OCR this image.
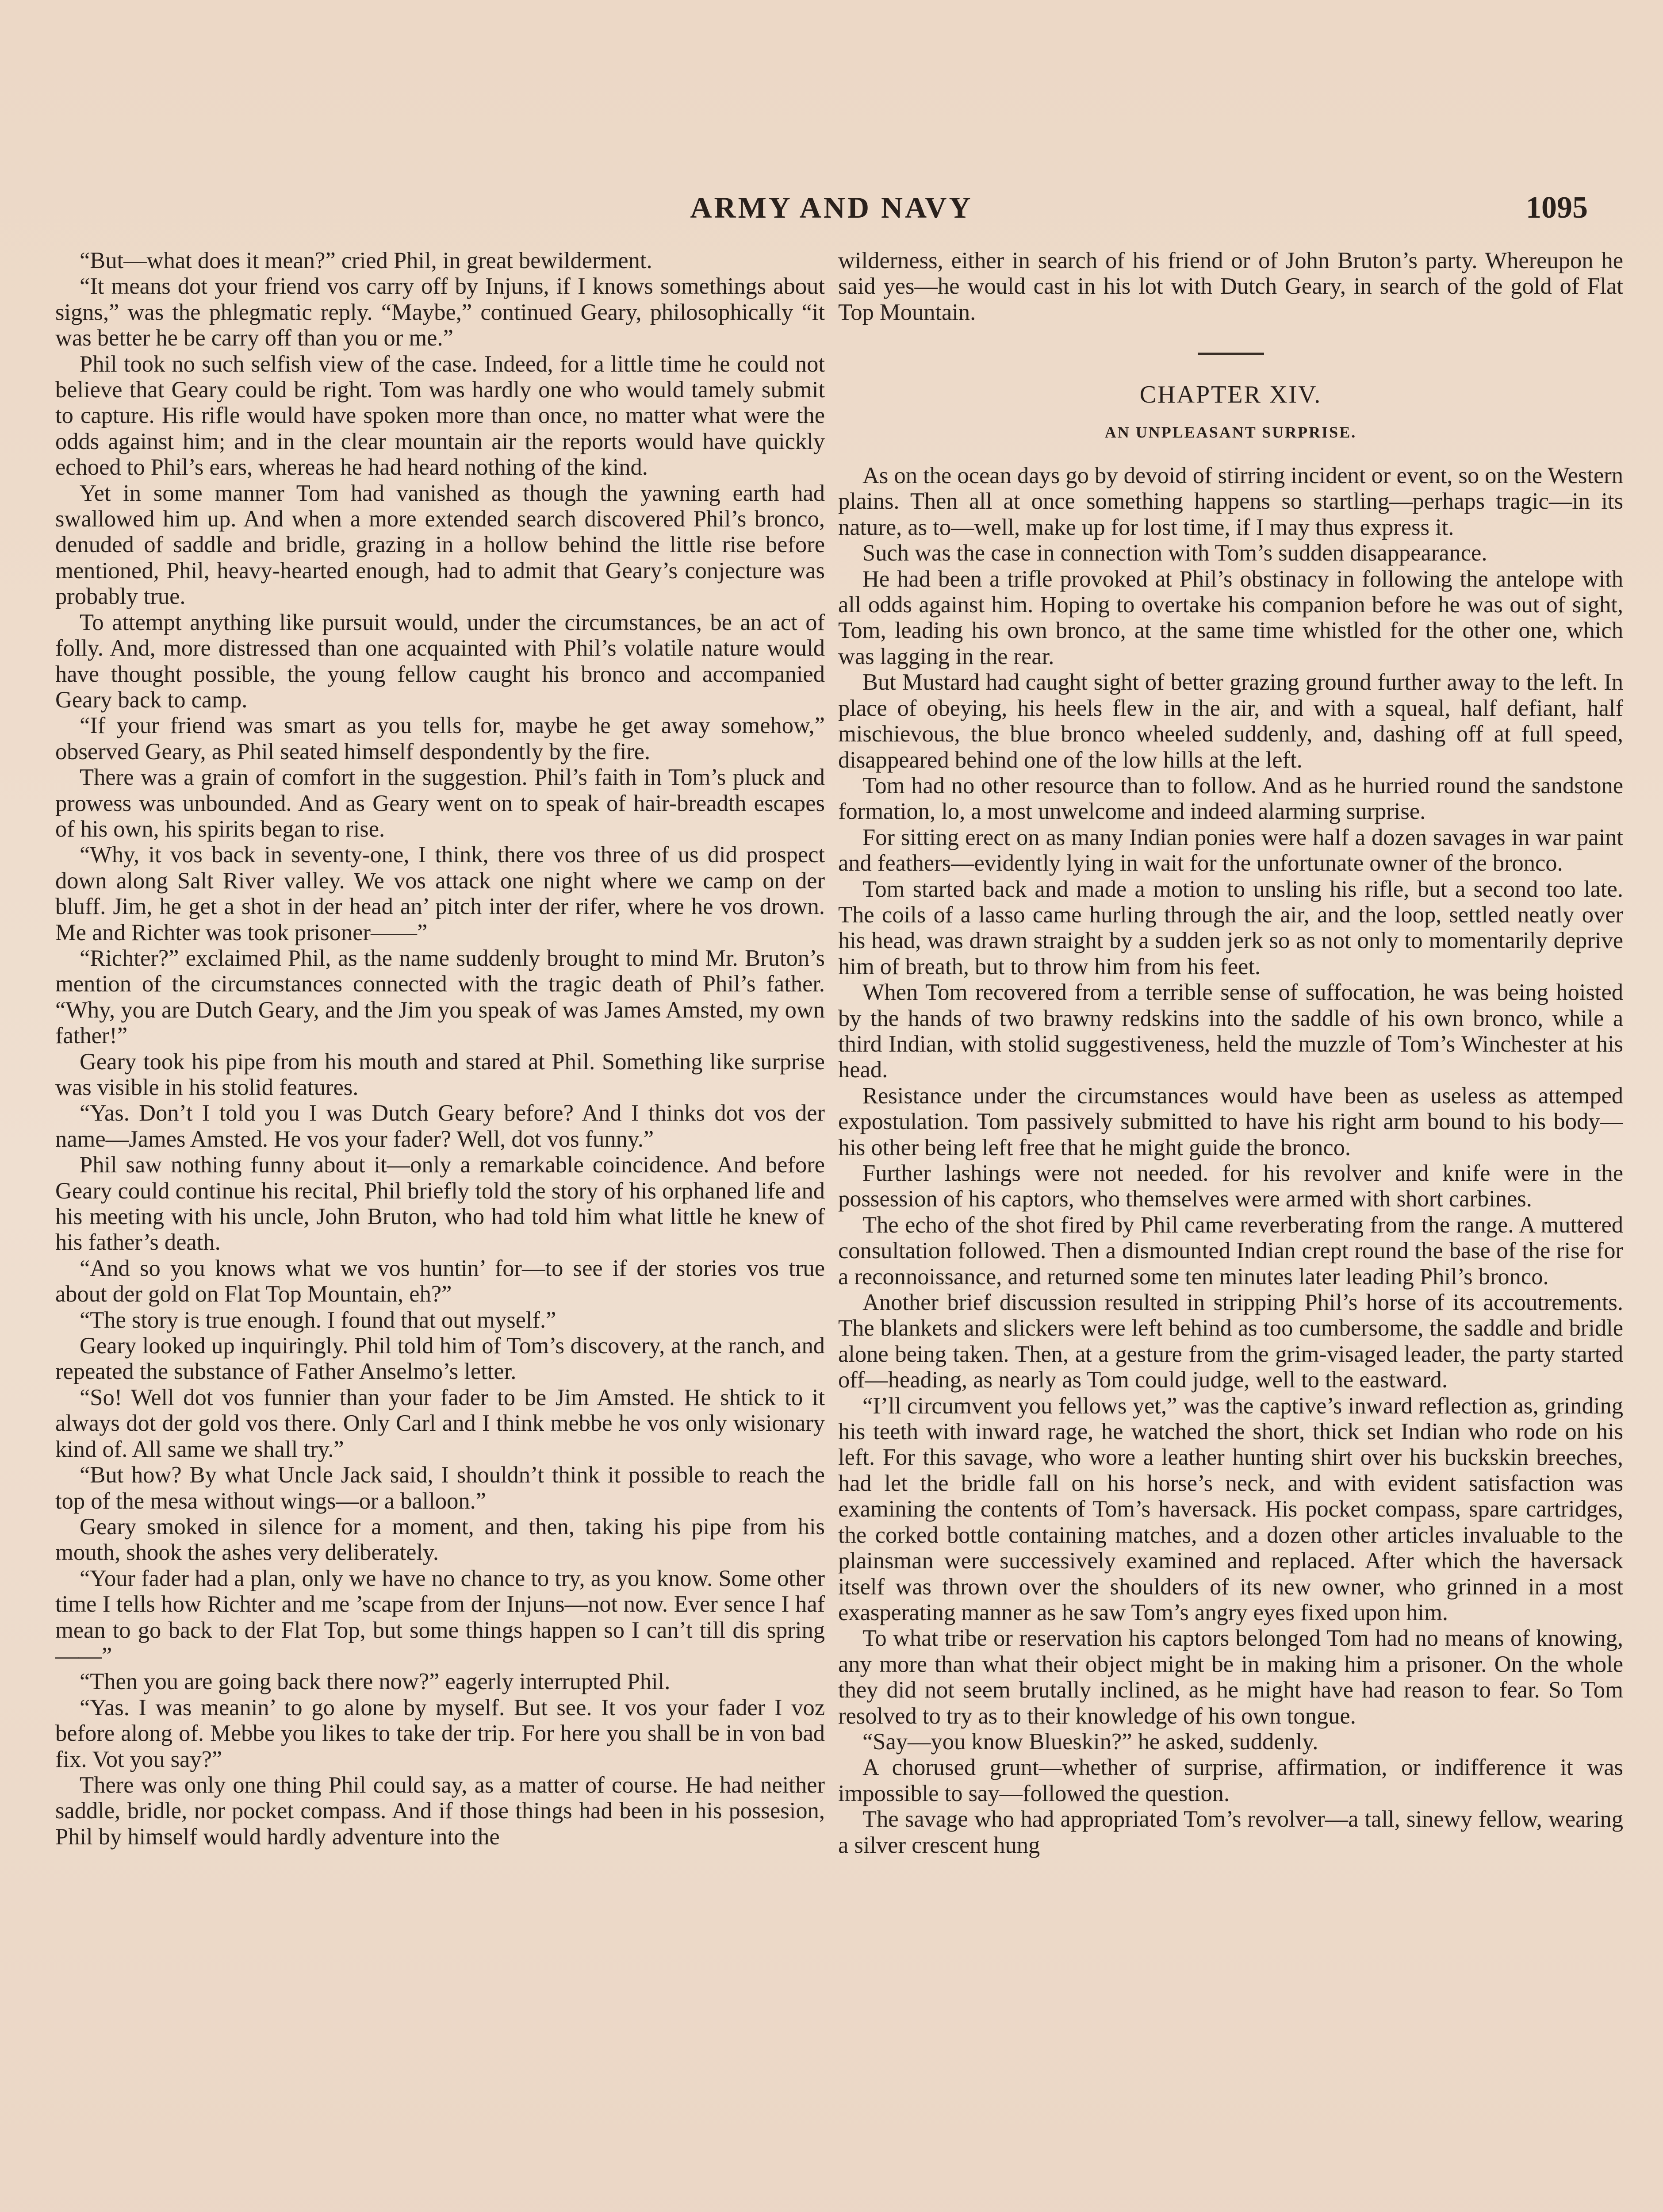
ARMY AND NAVY	1095

“But—what does it mean?” cried Phil, in great bewilderment.

“It means dot your friend vos carry off by Injuns, if I knows somethings about signs,” was the phlegmatic reply. “Maybe,” continued Geary, philosophically “it was better he be carry off than you or me.”

Phil took no such selfish view of the case. Indeed, for a little time he could not believe that Geary could be right. Tom was hardly one who would tamely submit to capture. His rifle would have spoken more than once, no matter what were the odds against him; and in the clear mountain air the reports would have quickly echoed to Phil’s ears, whereas he had heard nothing of the kind.

Yet in some manner Tom had vanished as though the yawning earth had swallowed him up. And when a more extended search discovered Phil’s bronco, denuded of saddle and bridle, grazing in a hollow behind the little rise before mentioned, Phil, heavy-hearted enough, had to admit that Geary’s conjecture was probably true.

To attempt anything like pursuit would, under the circumstances, be an act of folly. And, more distressed than one acquainted with Phil’s volatile nature would have thought possible, the young fellow caught his bronco and accompanied Geary back to camp.

“If your friend was smart as you tells for, maybe he get away somehow,” observed Geary, as Phil seated himself despondently by the fire.

There was a grain of comfort in the suggestion. Phil’s faith in Tom’s pluck and prowess was unbounded. And as Geary went on to speak of hair-breadth escapes of his own, his spirits began to rise.

“Why, it vos back in seventy-one, I think, there vos three of us did prospect down along Salt River valley. We vos attack one night where we camp on der bluff. Jim, he get a shot in der head an’ pitch inter der rifer, where he vos drown. Me and Richter was took prisoner——”

“Richter?” exclaimed Phil, as the name suddenly brought to mind Mr. Bruton’s mention of the circumstances connected with the tragic death of Phil’s father. “Why, you are Dutch Geary, and the Jim you speak of was James Amsted, my own father!”

Geary took his pipe from his mouth and stared at Phil. Something like surprise was visible in his stolid features.

“Yas. Don’t I told you I was Dutch Geary before? And I thinks dot vos der name—James Amsted. He vos your fader? Well, dot vos funny.”

Phil saw nothing funny about it—only a remarkable coincidence. And before Geary could continue his recital, Phil briefly told the story of his orphaned life and his meeting with his uncle, John Bruton, who had told him what little he knew of his father’s death.

“And so you knows what we vos huntin’ for—to see if der stories vos true about der gold on Flat Top Mountain, eh?”

“The story is true enough. I found that out myself.”

Geary looked up inquiringly. Phil told him of Tom’s discovery, at the ranch, and repeated the substance of Father Anselmo’s letter.

“So! Well dot vos funnier than your fader to be Jim Amsted. He shtick to it always dot der gold vos there. Only Carl and I think mebbe he vos only wisionary kind of. All same we shall try.”

“But how? By what Uncle Jack said, I shouldn’t think it possible to reach the top of the mesa without wings—or a balloon.”

Geary smoked in silence for a moment, and then, taking his pipe from his mouth, shook the ashes very deliberately.

“Your fader had a plan, only we have no chance to try, as you know. Some other time I tells how Richter and me ’scape from der Injuns—not now. Ever sence I haf mean to go back to der Flat Top, but some things happen so I can’t till dis spring——”

“Then you are going back there now?” eagerly interrupted Phil.

“Yas. I was meanin’ to go alone by myself. But see. It vos your fader I voz before along of. Mebbe you likes to take der trip. For here you shall be in von bad fix. Vot you say?”

There was only one thing Phil could say, as a matter of course. He had neither saddle, bridle, nor pocket compass. And if those things had been in his possesion, Phil by himself would hardly adventure into the

wilderness, either in search of his friend or of John Bruton’s party. Whereupon he said yes—he would cast in his lot with Dutch Geary, in search of the gold of Flat Top Mountain.

CHAPTER XIV.
AN UNPLEASANT SURPRISE.

As on the ocean days go by devoid of stirring incident or event, so on the Western plains. Then all at once something happens so startling—perhaps tragic—in its nature, as to—well, make up for lost time, if I may thus express it.

Such was the case in connection with Tom’s sudden disappearance.

He had been a trifle provoked at Phil’s obstinacy in following the antelope with all odds against him. Hoping to overtake his companion before he was out of sight, Tom, leading his own bronco, at the same time whistled for the other one, which was lagging in the rear.

But Mustard had caught sight of better grazing ground further away to the left. In place of obeying, his heels flew in the air, and with a squeal, half defiant, half mischievous, the blue bronco wheeled suddenly, and, dashing off at full speed, disappeared behind one of the low hills at the left.

Tom had no other resource than to follow. And as he hurried round the sandstone formation, lo, a most unwelcome and indeed alarming surprise.

For sitting erect on as many Indian ponies were half a dozen savages in war paint and feathers—evidently lying in wait for the unfortunate owner of the bronco.

Tom started back and made a motion to unsling his rifle, but a second too late. The coils of a lasso came hurling through the air, and the loop, settled neatly over his head, was drawn straight by a sudden jerk so as not only to momentarily deprive him of breath, but to throw him from his feet.

When Tom recovered from a terrible sense of suffocation, he was being hoisted by the hands of two brawny redskins into the saddle of his own bronco, while a third Indian, with stolid suggestiveness, held the muzzle of Tom’s Winchester at his head.

Resistance under the circumstances would have been as useless as attemped expostulation. Tom passively submitted to have his right arm bound to his body—his other being left free that he might guide the bronco.

Further lashings were not needed. for his revolver and knife were in the possession of his captors, who themselves were armed with short carbines.

The echo of the shot fired by Phil came reverberating from the range. A muttered consultation followed. Then a dismounted Indian crept round the base of the rise for a reconnoissance, and returned some ten minutes later leading Phil’s bronco.

Another brief discussion resulted in stripping Phil’s horse of its accoutrements. The blankets and slickers were left behind as too cumbersome, the saddle and bridle alone being taken. Then, at a gesture from the grim-visaged leader, the party started off—heading, as nearly as Tom could judge, well to the eastward.

“I’ll circumvent you fellows yet,” was the captive’s inward reflection as, grinding his teeth with inward rage, he watched the short, thick set Indian who rode on his left. For this savage, who wore a leather hunting shirt over his buckskin breeches, had let the bridle fall on his horse’s neck, and with evident satisfaction was examining the contents of Tom’s haversack. His pocket compass, spare cartridges, the corked bottle containing matches, and a dozen other articles invaluable to the plainsman were successively examined and replaced. After which the haversack itself was thrown over the shoulders of its new owner, who grinned in a most exasperating manner as he saw Tom’s angry eyes fixed upon him.

To what tribe or reservation his captors belonged Tom had no means of knowing, any more than what their object might be in making him a prisoner. On the whole they did not seem brutally inclined, as he might have had reason to fear. So Tom resolved to try as to their knowledge of his own tongue.

“Say—you know Blueskin?” he asked, suddenly.

A chorused grunt—whether of surprise, affirmation, or indifference it was impossible to say—followed the question.

The savage who had appropriated Tom’s revolver—a tall, sinewy fellow, wearing a silver crescent hung
